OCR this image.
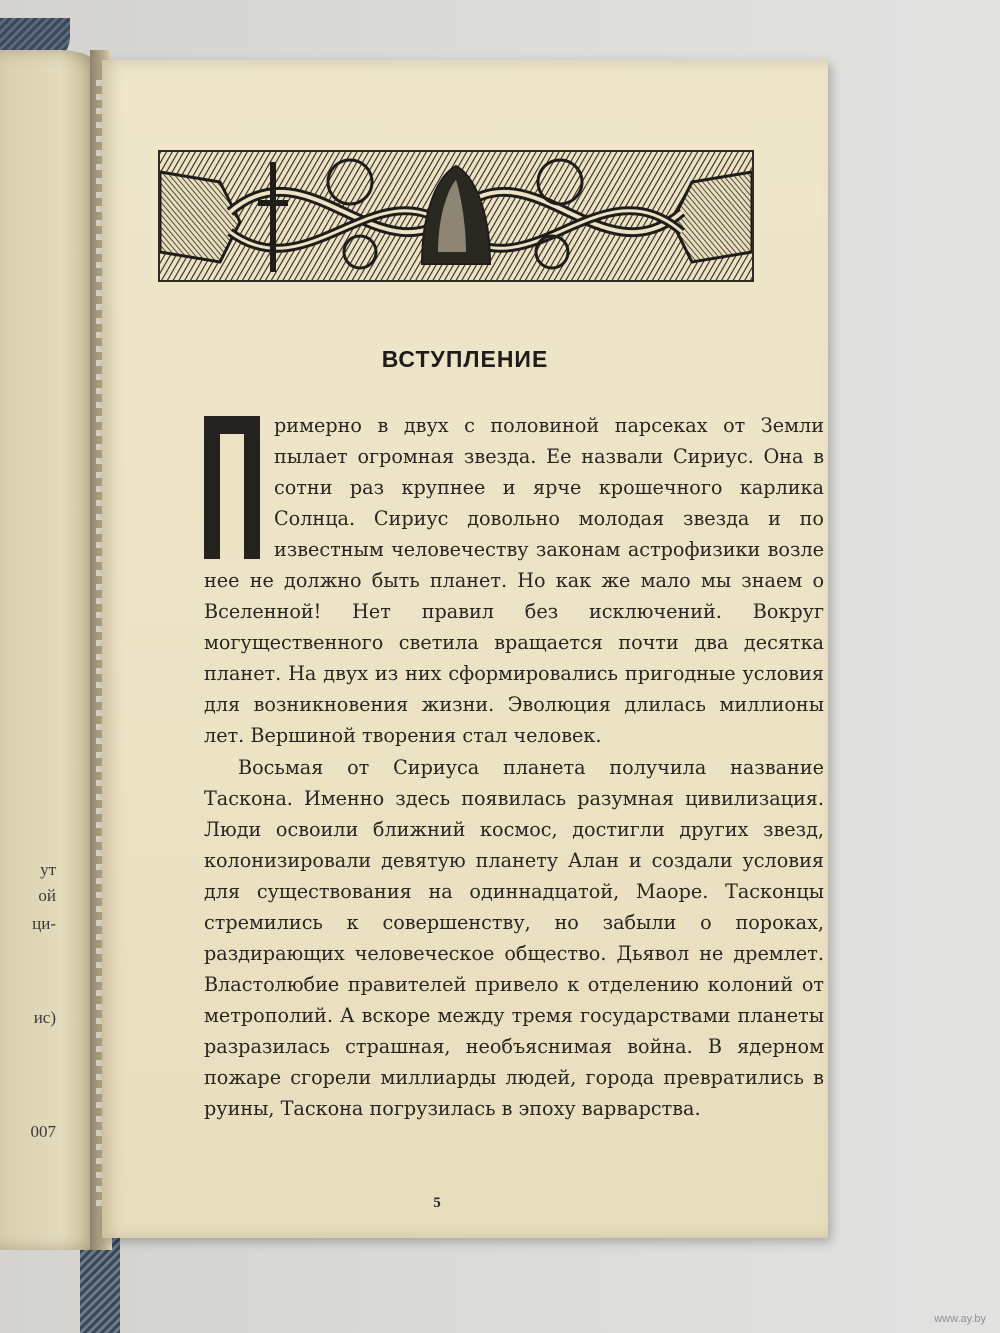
ут
ой
ци-
ис)
007
ВСТУПЛЕНИЕ

римерно в двух с половиной парсеках от Земли пылает огромная звезда. Ее назвали Сириус. Она в сотни раз крупнее и ярче крошечного карлика Солнца. Сириус довольно молодая звезда и по известным человечеству законам астрофизики возле нее не должно быть планет. Но как же мало мы знаем о Вселенной! Нет правил без исключений. Вокруг могущественного светила вращается почти два десятка планет. На двух из них сформировались пригодные условия для возникновения жизни. Эволюция длилась миллионы лет. Вершиной творения стал человек.

Восьмая от Сириуса планета получила название Таскона. Именно здесь появилась разумная цивилизация. Люди освоили ближний космос, достигли других звезд, колонизировали девятую планету Алан и создали условия для существования на одиннадцатой, Маоре. Тасконцы стремились к совершенству, но забыли о пороках, раздирающих человеческое общество. Дьявол не дремлет. Властолюбие правителей привело к отделению колоний от метрополий. А вскоре между тремя государствами планеты разразилась страшная, необъяснимая война. В ядерном пожаре сгорели миллиарды людей, города превратились в руины, Таскона погрузилась в эпоху варварства.

5
www.ay.by
